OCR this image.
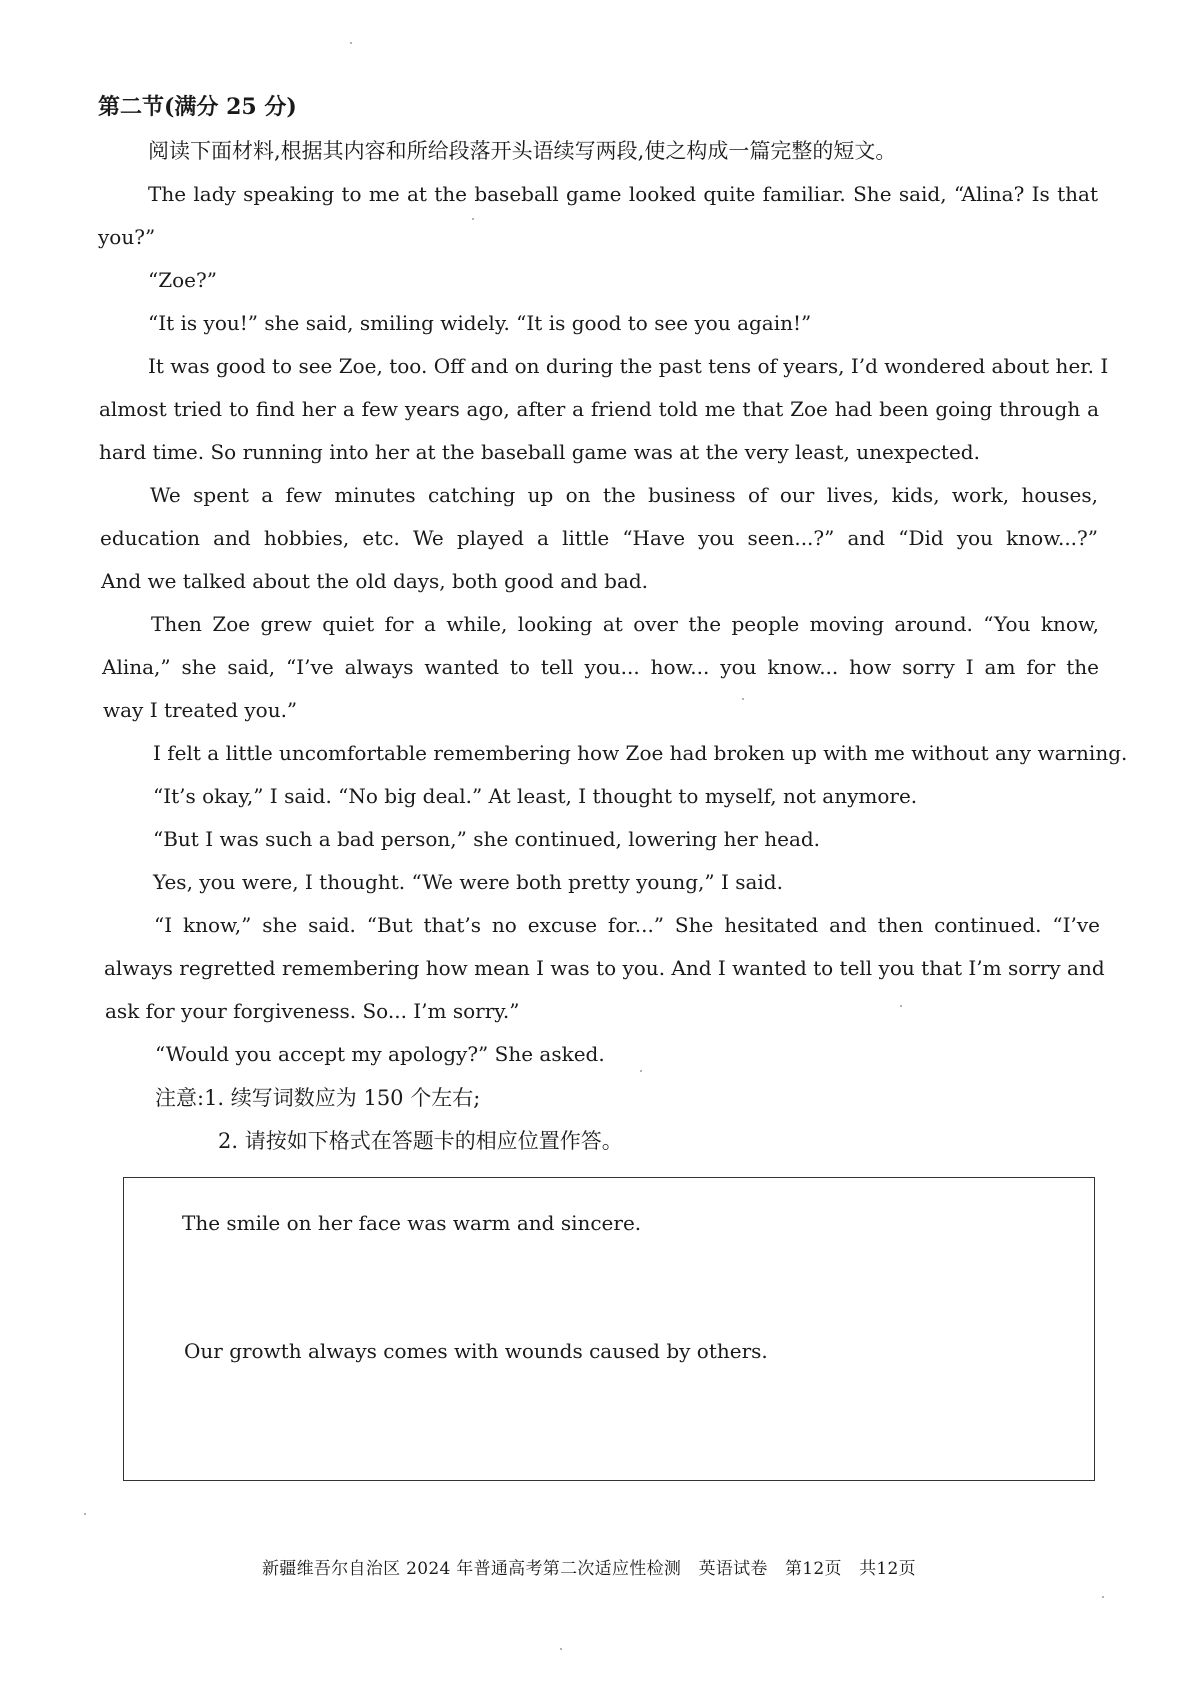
第二节(满分 25 分)
阅读下面材料,根据其内容和所给段落开头语续写两段,使之构成一篇完整的短文。
The lady speaking to me at the baseball game looked quite familiar. She said, “Alina? Is that
you?”
“Zoe?”
“It is you!” she said, smiling widely. “It is good to see you again!”
It was good to see Zoe, too. Off and on during the past tens of years, I’d wondered about her. I
almost tried to find her a few years ago, after a friend told me that Zoe had been going through a
hard time. So running into her at the baseball game was at the very least, unexpected.
We spent a few minutes catching up on the business of our lives, kids, work, houses,
education and hobbies, etc. We played a little “Have you seen...?” and “Did you know...?”
And we talked about the old days, both good and bad.
Then Zoe grew quiet for a while, looking at over the people moving around. “You know,
Alina,” she said, “I’ve always wanted to tell you... how... you know... how sorry I am for the
way I treated you.”
I felt a little uncomfortable remembering how Zoe had broken up with me without any warning.
“It’s okay,” I said. “No big deal.” At least, I thought to myself, not anymore.
“But I was such a bad person,” she continued, lowering her head.
Yes, you were, I thought. “We were both pretty young,” I said.
“I know,” she said. “But that’s no excuse for...” She hesitated and then continued. “I’ve
always regretted remembering how mean I was to you. And I wanted to tell you that I’m sorry and
ask for your forgiveness. So... I’m sorry.”
“Would you accept my apology?” She asked.
注意:1. 续写词数应为 150 个左右;
2. 请按如下格式在答题卡的相应位置作答。
The smile on her face was warm and sincere.
Our growth always comes with wounds caused by others.
新疆维吾尔自治区 2024 年普通高考第二次适应性检测　英语试卷　第12页　共12页
